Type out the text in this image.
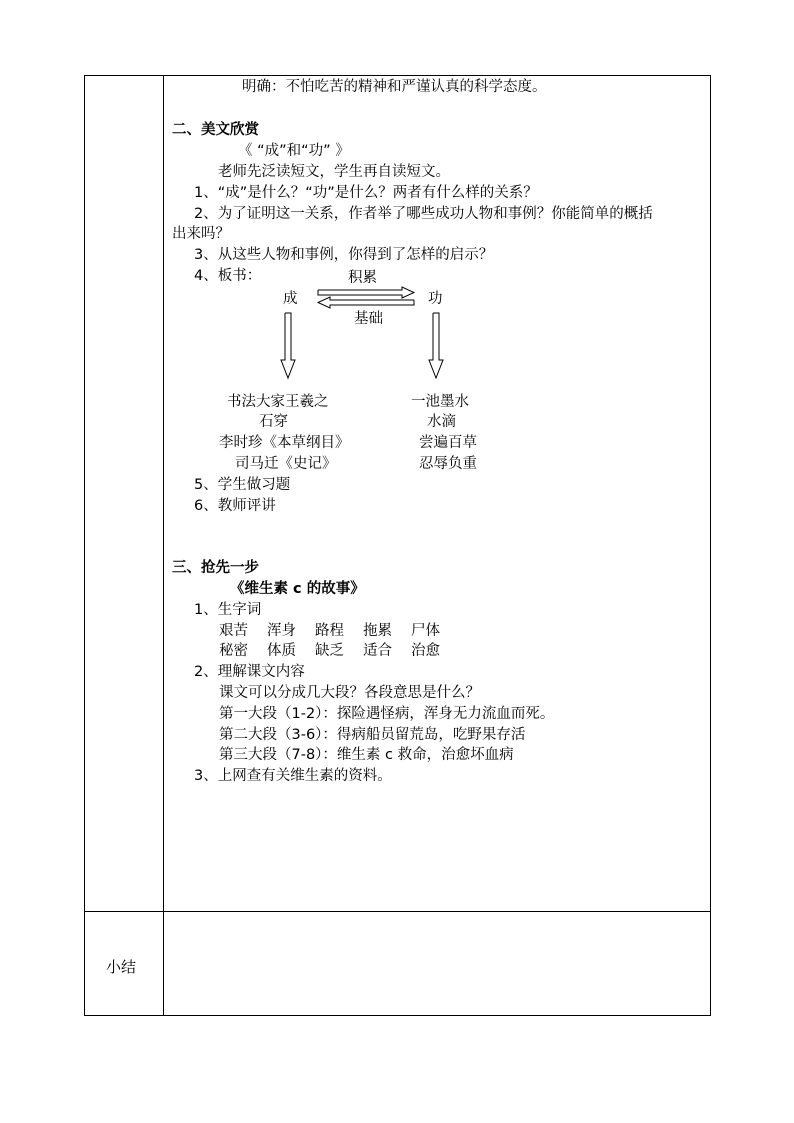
明确：不怕吃苦的精神和严谨认真的科学态度。
二、美文欣赏
《 “成”和“功” 》
老师先泛读短文，学生再自读短文。
1、“成”是什么？“功”是什么？两者有什么样的关系？
2、为了证明这一关系，作者举了哪些成功人物和事例？你能简单的概括
出来吗？
3、从这些人物和事例，你得到了怎样的启示？
4、板书：	积累
成	功
基础
书法大家王羲之
石穿
李时珍《本草纲目》
司马迁《史记》
一池墨水
水滴
尝遍百草
忍辱负重
5、学生做习题
6、教师评讲
三、抢先一步
《维生素 c 的故事》
1、生字词
艰苦 浑身 路程 拖累 尸体
秘密 体质 缺乏 适合 治愈
2、理解课文内容
课文可以分成几大段？各段意思是什么？
第一大段（1-2）：探险遇怪病，浑身无力流血而死。
第二大段（3-6）：得病船员留荒岛，吃野果存活
第三大段（7-8）：维生素 c 救命，治愈坏血病
3、上网查有关维生素的资料。
小结
